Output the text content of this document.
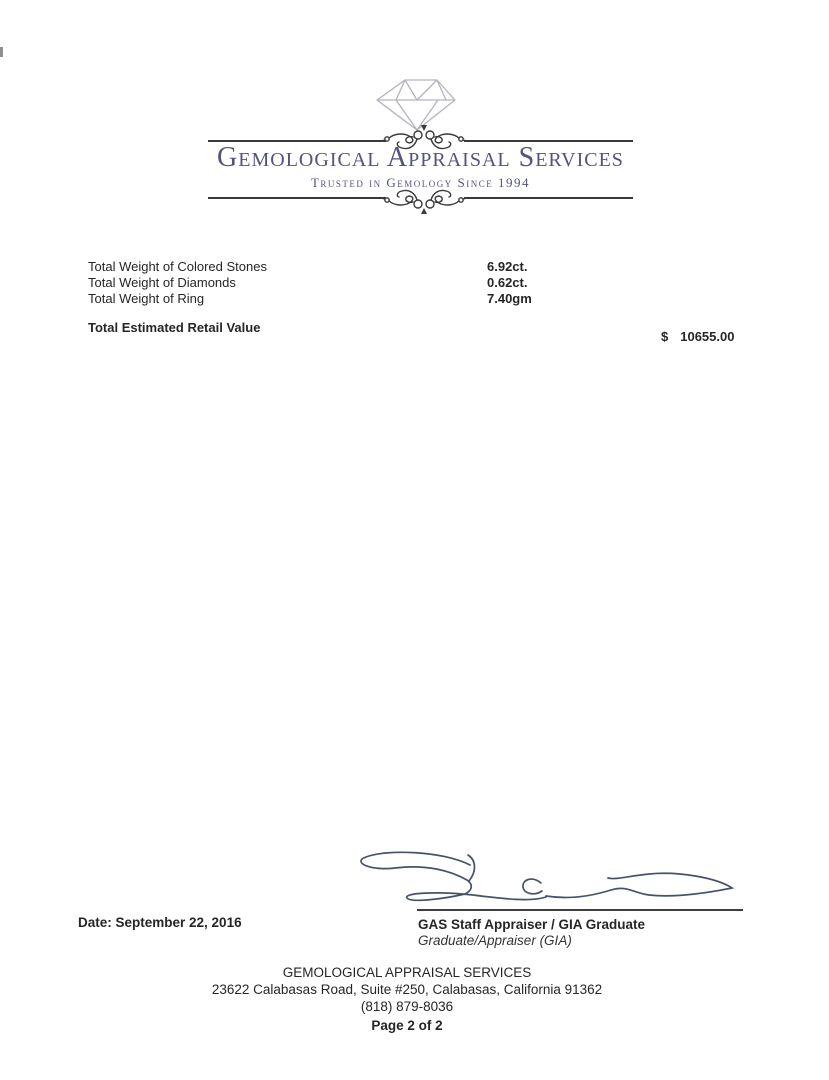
Gemological Appraisal Services
Trusted in Gemology Since 1994
Total Weight of Colored Stones	6.92ct.
Total Weight of Diamonds	0.62ct.
Total Weight of Ring	7.40gm
Total Estimated Retail Value
$ 10655.00
Date: September 22, 2016	GAS Staff Appraiser / GIA Graduate
Graduate/Appraiser (GIA)
GEMOLOGICAL APPRAISAL SERVICES
23622 Calabasas Road, Suite #250, Calabasas, California 91362
(818) 879-8036
Page 2 of 2
